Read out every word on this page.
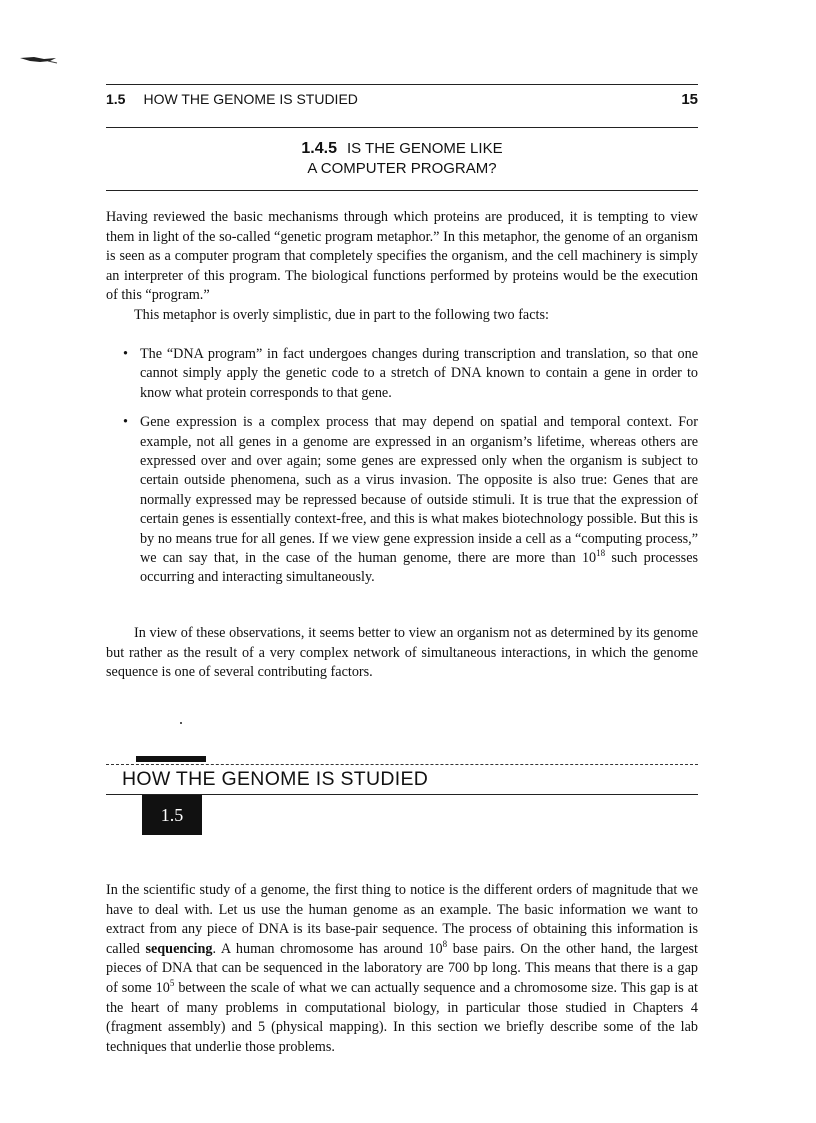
1.5 HOW THE GENOME IS STUDIED	15
1.4.5 IS THE GENOME LIKE
A COMPUTER PROGRAM?

Having reviewed the basic mechanisms through which proteins are produced, it is tempting to view them in light of the so-called “genetic program metaphor.” In this metaphor, the genome of an organism is seen as a computer program that completely specifies the organism, and the cell machinery is simply an interpreter of this program. The biological functions performed by proteins would be the execution of this “program.”

This metaphor is overly simplistic, due in part to the following two facts:

• The “DNA program” in fact undergoes changes during transcription and translation, so that one cannot simply apply the genetic code to a stretch of DNA known to contain a gene in order to know what protein corresponds to that gene.
• Gene expression is a complex process that may depend on spatial and temporal context. For example, not all genes in a genome are expressed in an organism’s lifetime, whereas others are expressed over and over again; some genes are expressed only when the organism is subject to certain outside phenomena, such as a virus invasion. The opposite is also true: Genes that are normally expressed may be repressed because of outside stimuli. It is true that the expression of certain genes is essentially context-free, and this is what makes biotechnology possible. But this is by no means true for all genes. If we view gene expression inside a cell as a “computing process,” we can say that, in the case of the human genome, there are more than $10^{18}$ such processes occurring and interacting simultaneously.

In view of these observations, it seems better to view an organism not as determined by its genome but rather as the result of a very complex network of simultaneous interactions, in which the genome sequence is one of several contributing factors.

HOW THE GENOME IS STUDIED
1.5

In the scientific study of a genome, the first thing to notice is the different orders of magnitude that we have to deal with. Let us use the human genome as an example. The basic information we want to extract from any piece of DNA is its base-pair sequence. The process of obtaining this information is called sequencing. A human chromosome has around $10^8$ base pairs. On the other hand, the largest pieces of DNA that can be sequenced in the laboratory are 700 bp long. This means that there is a gap of some $10^5$ between the scale of what we can actually sequence and a chromosome size. This gap is at the heart of many problems in computational biology, in particular those studied in Chapters 4 (fragment assembly) and 5 (physical mapping). In this section we briefly describe some of the lab techniques that underlie those problems.
